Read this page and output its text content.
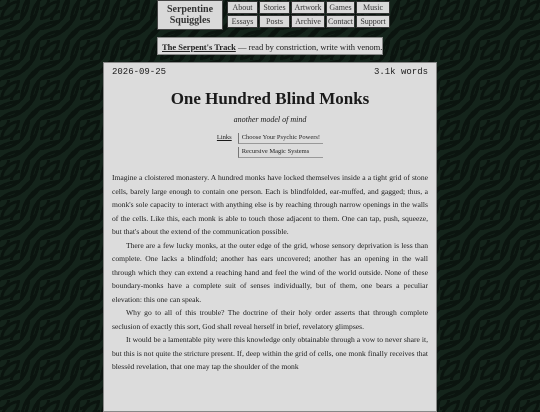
Serpentine
Squiggles
About	Stories	Artwork Games	Music
Essays	Posts	Archive Contact Support
The Serpent's Track — read by constriction, write with venom.
2026-09-25	3.1k words
One Hundred Blind Monks
another model of mind
Links	Choose Your Psychic Powers!
Recursive Magic Systems

Imagine a cloistered monastery. A hundred monks have locked themselves inside a a tight grid of stone cells, barely large enough to contain one person. Each is blindfolded, ear-muffed, and gagged; thus, a monk's sole capacity to interact with anything else is by reaching through narrow openings in the walls of the cells. Like this, each monk is able to touch those adjacent to them. One can tap, push, squeeze, but that's about the extend of the communication possible.

There are a few lucky monks, at the outer edge of the grid, whose sensory deprivation is less than complete. One lacks a blindfold; another has ears uncovered; another has an opening in the wall through which they can extend a reaching hand and feel the wind of the world outside. None of these boundary-monks have a complete suit of senses individually, but of them, one bears a peculiar elevation: this one can speak.

Why go to all of this trouble? The doctrine of their holy order asserts that through complete seclusion of exactly this sort, God shall reveal herself in brief, revelatory glimpses.

It would be a lamentable pity were this knowledge only obtainable through a vow to never share it, but this is not quite the stricture present. If, deep within the grid of cells, one monk finally receives that blessèd revelation, that one may tap the shoulder of the monk
